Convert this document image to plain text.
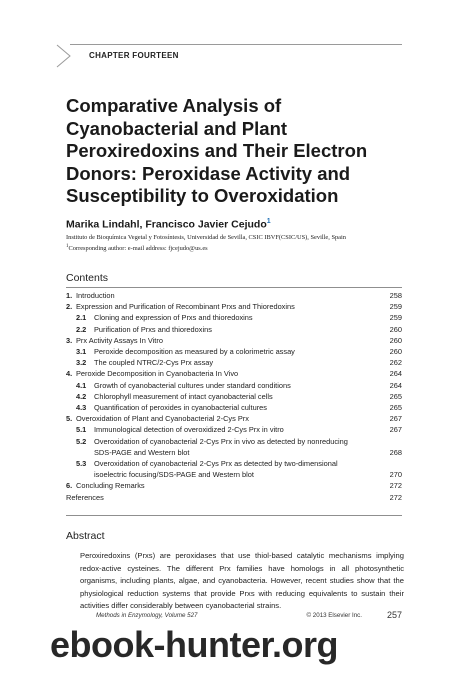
CHAPTER FOURTEEN
Comparative Analysis of
Cyanobacterial and Plant
Peroxiredoxins and Their Electron
Donors: Peroxidase Activity and
Susceptibility to Overoxidation
Marika Lindahl, Francisco Javier Cejudo$^1$
Instituto de Bioquímica Vegetal y Fotosíntesis, Universidad de Sevilla, CSIC IBVF(CSIC/US), Seville, Spain
$^1$Corresponding author: e-mail address: fjcejudo@us.es
Contents
1. Introduction	258
2. Expression and Purification of Recombinant Prxs and Thioredoxins	259
2.1	Cloning and expression of Prxs and thioredoxins	259
2.2	Purification of Prxs and thioredoxins	260
3. Prx Activity Assays In Vitro	260
3.1	Peroxide decomposition as measured by a colorimetric assay	260
3.2	The coupled NTRC/2-Cys Prx assay	262
4. Peroxide Decomposition in Cyanobacteria In Vivo	264
4.1	Growth of cyanobacterial cultures under standard conditions	264
4.2	Chlorophyll measurement of intact cyanobacterial cells	265
4.3	Quantification of peroxides in cyanobacterial cultures	265
5. Overoxidation of Plant and Cyanobacterial 2-Cys Prx	267
5.1	Immunological detection of overoxidized 2-Cys Prx in vitro	267
5.2	Overoxidation of cyanobacterial 2-Cys Prx in vivo as detected by nonreducing
SDS-PAGE and Western blot	268
5.3	Overoxidation of cyanobacterial 2-Cys Prx as detected by two-dimensional
isoelectric focusing/SDS-PAGE and Western blot	270
6. Concluding Remarks	272
References	272
Abstract
Peroxiredoxins (Prxs) are peroxidases that use thiol-based catalytic mechanisms implying redox-active cysteines. The different Prx families have homologs in all photosynthetic organisms, including plants, algae, and cyanobacteria. However, recent studies show that the physiological reduction systems that provide Prxs with reducing equivalents to sustain their activities differ considerably between cyanobacterial strains.
Methods in Enzymology, Volume 527	© 2013 Elsevier Inc.	257
ebook-hunter.org
